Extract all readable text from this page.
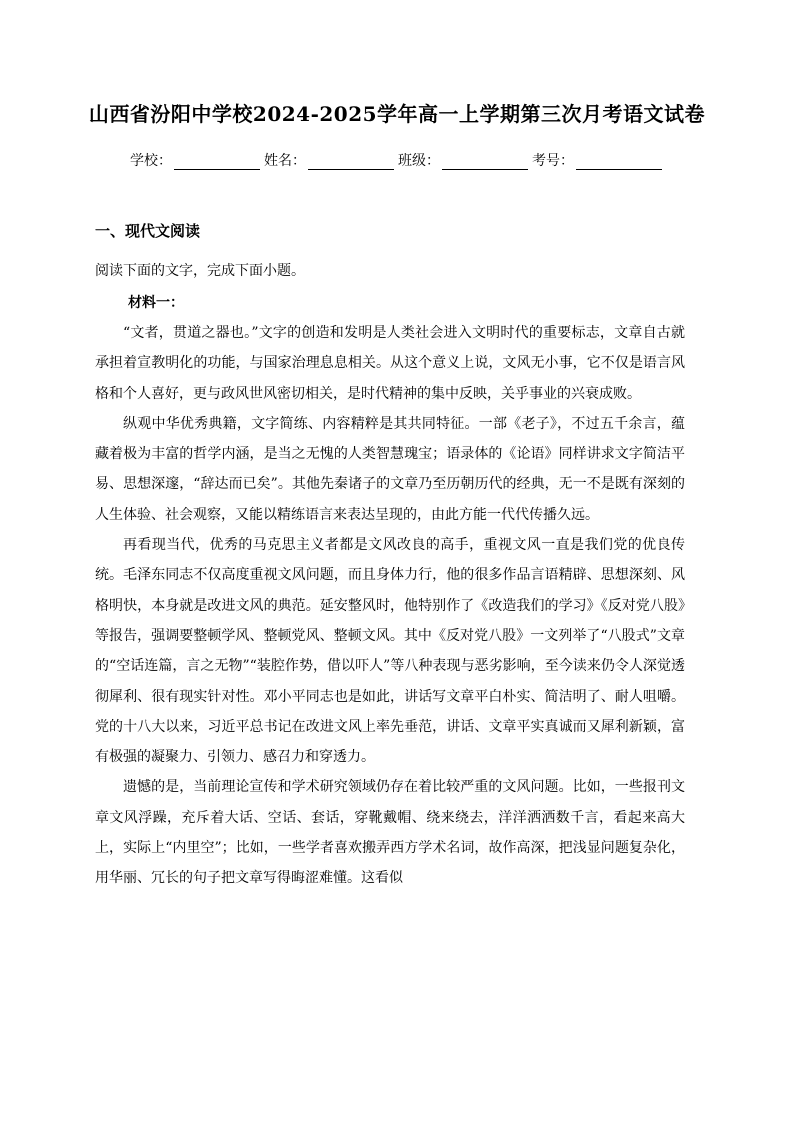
山西省汾阳中学校2024-2025学年高一上学期第三次月考语文试卷
学校：	姓名：	班级：	考号：
一、现代文阅读
阅读下面的文字，完成下面小题。
材料一：

“文者，贯道之器也。”文字的创造和发明是人类社会进入文明时代的重要标志，文章自古就承担着宣教明化的功能，与国家治理息息相关。从这个意义上说，文风无小事，它不仅是语言风格和个人喜好，更与政风世风密切相关，是时代精神的集中反映，关乎事业的兴衰成败。

纵观中华优秀典籍，文字简练、内容精粹是其共同特征。一部《老子》，不过五千余言，蕴藏着极为丰富的哲学内涵，是当之无愧的人类智慧瑰宝；语录体的《论语》同样讲求文字简洁平易、思想深邃，“辞达而已矣”。其他先秦诸子的文章乃至历朝历代的经典，无一不是既有深刻的人生体验、社会观察，又能以精练语言来表达呈现的，由此方能一代代传播久远。

再看现当代，优秀的马克思主义者都是文风改良的高手，重视文风一直是我们党的优良传统。毛泽东同志不仅高度重视文风问题，而且身体力行，他的很多作品言语精辟、思想深刻、风格明快，本身就是改进文风的典范。延安整风时，他特别作了《改造我们的学习》《反对党八股》等报告，强调要整顿学风、整顿党风、整顿文风。其中《反对党八股》一文列举了“八股式”文章的“空话连篇，言之无物”“装腔作势，借以吓人”等八种表现与恶劣影响，至今读来仍令人深觉透彻犀利、很有现实针对性。邓小平同志也是如此，讲话写文章平白朴实、简洁明了、耐人咀嚼。党的十八大以来，习近平总书记在改进文风上率先垂范，讲话、文章平实真诚而又犀利新颖，富有极强的凝聚力、引领力、感召力和穿透力。

遗憾的是，当前理论宣传和学术研究领域仍存在着比较严重的文风问题。比如，一些报刊文章文风浮躁，充斥着大话、空话、套话，穿靴戴帽、绕来绕去，洋洋洒洒数千言，看起来高大上，实际上“内里空”；比如，一些学者喜欢搬弄西方学术名词，故作高深，把浅显问题复杂化，用华丽、冗长的句子把文章写得晦涩难懂。这看似
